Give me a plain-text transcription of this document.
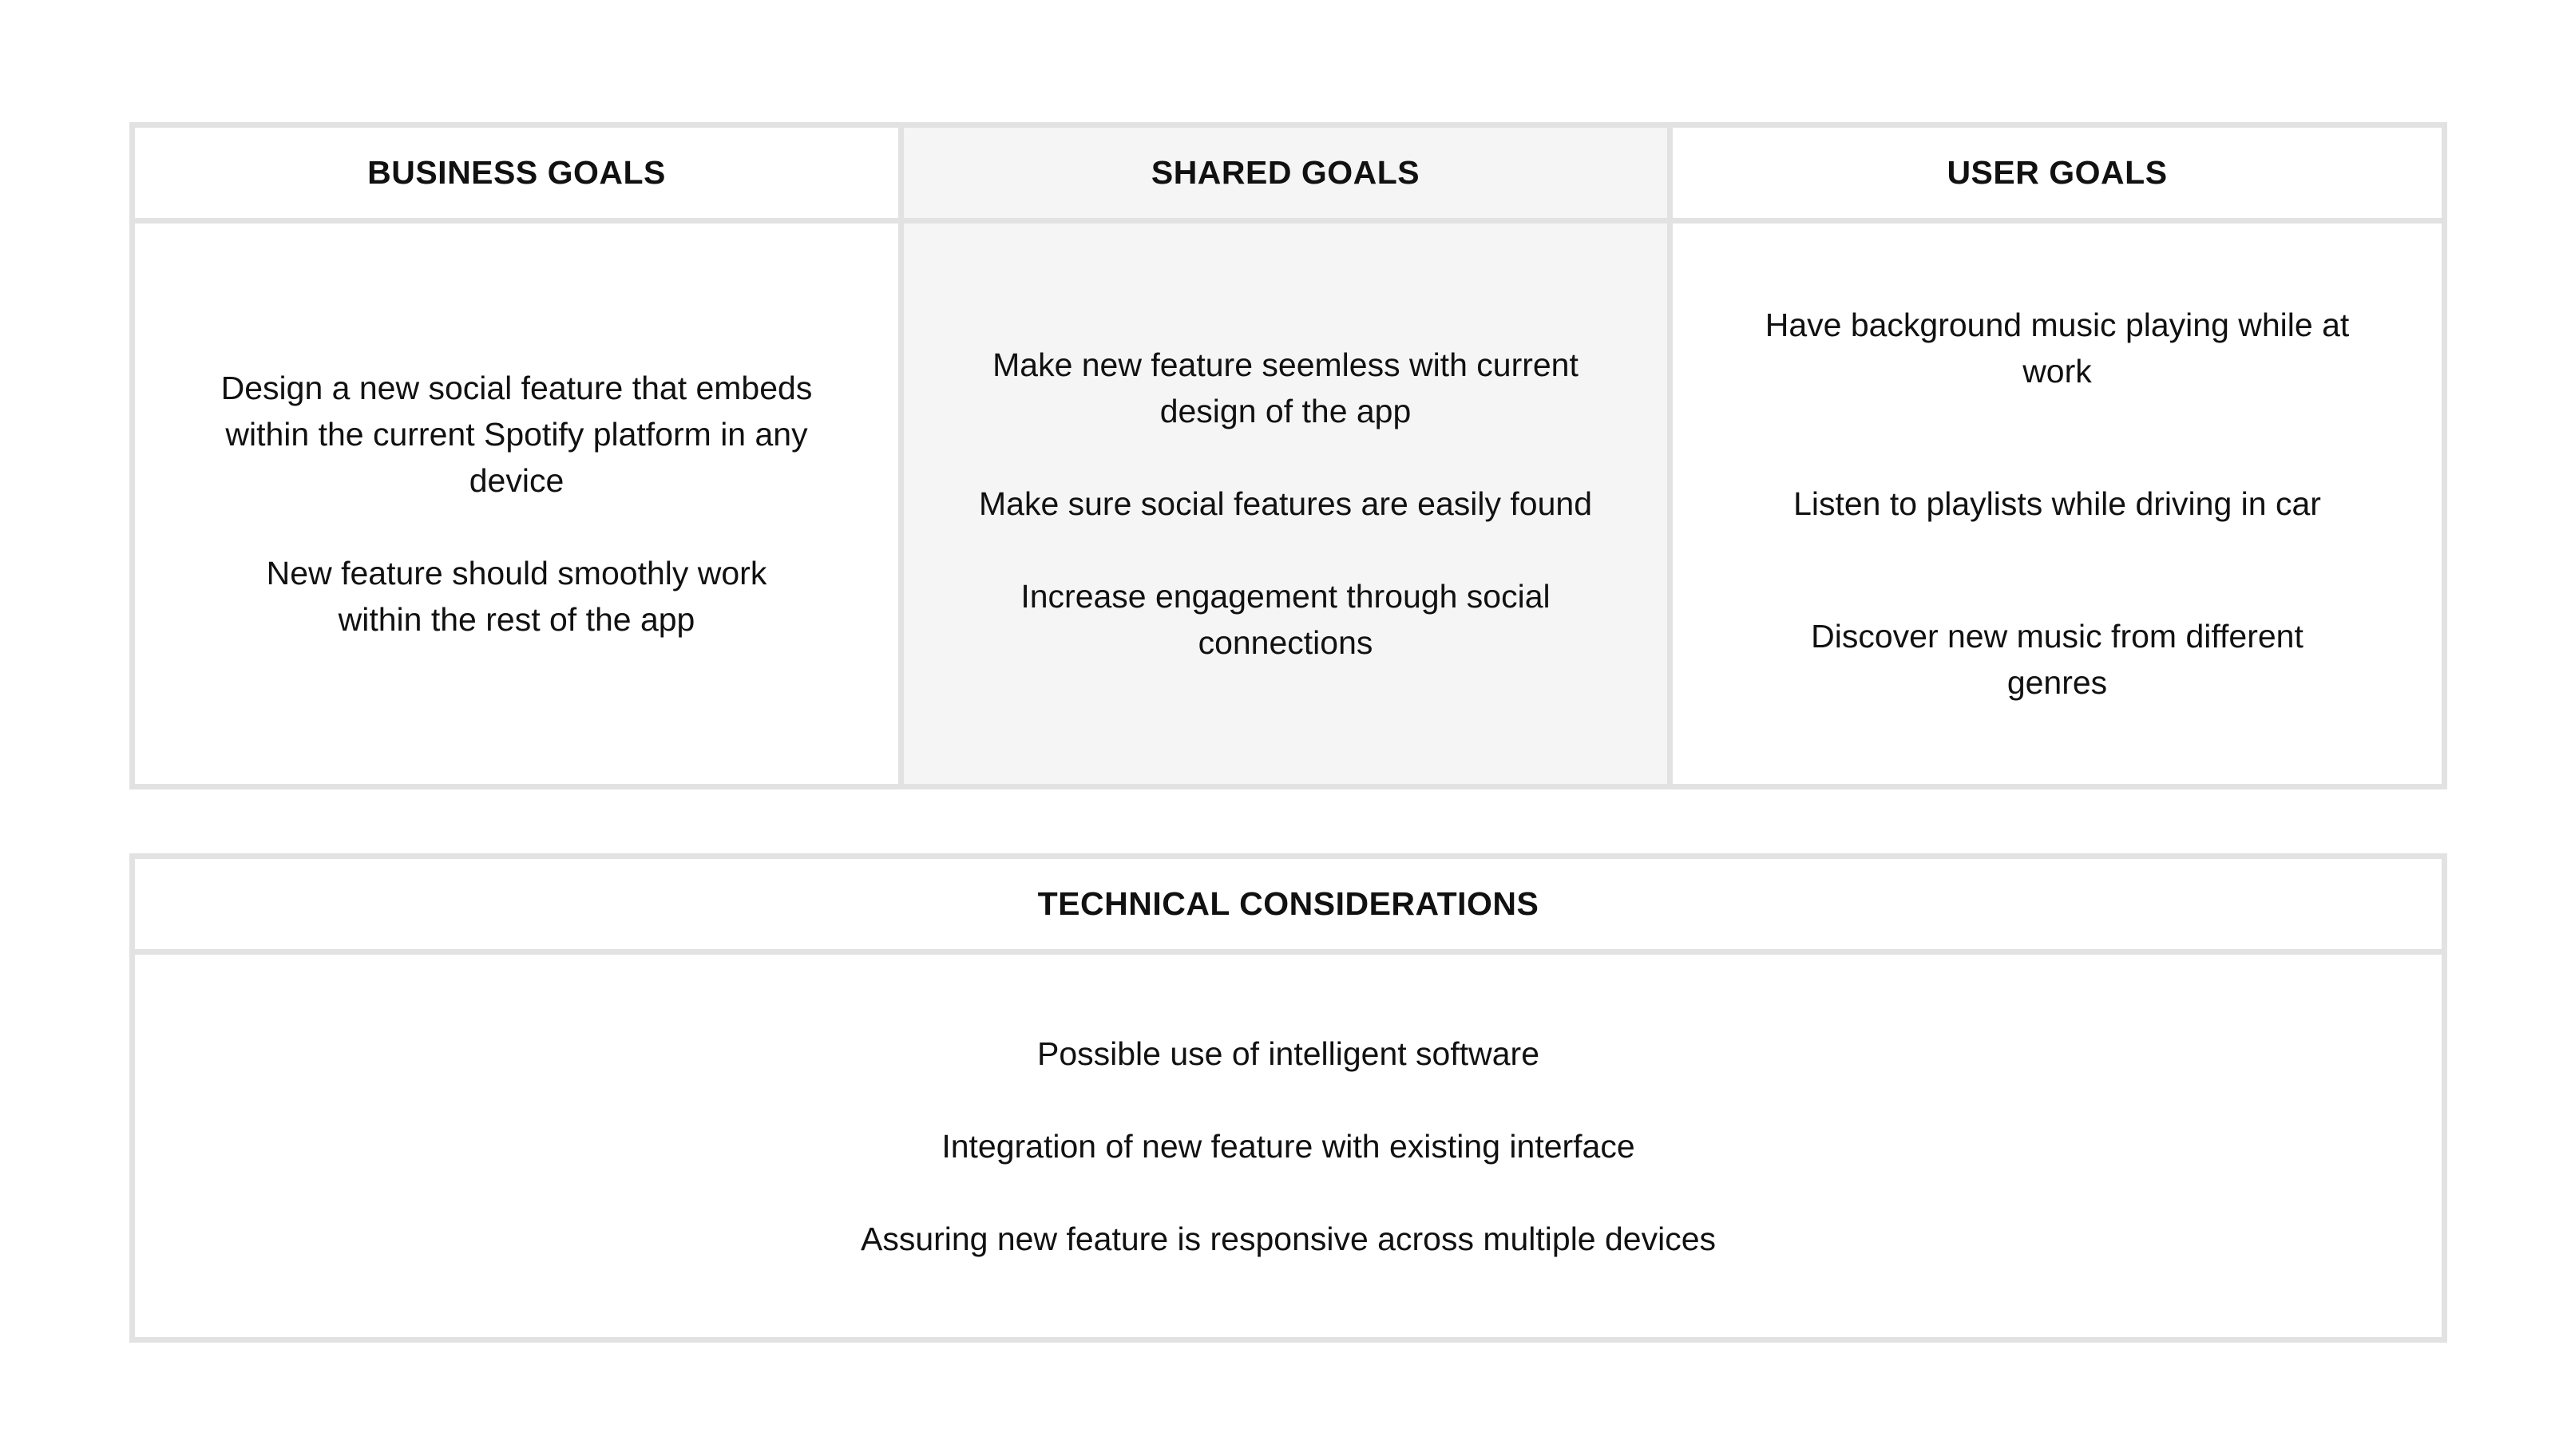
BUSINESS GOALS	SHARED GOALS	USER GOALS

Design a new social feature that embeds within the current Spotify platform in any device

New feature should smoothly work within the rest of the app

Make new feature seemless with current design of the app

Make sure social features are easily found

Increase engagement through social connections

Have background music playing while at work

Listen to playlists while driving in car

Discover new music from different genres

TECHNICAL CONSIDERATIONS

Possible use of intelligent software

Integration of new feature with existing interface

Assuring new feature is responsive across multiple devices
